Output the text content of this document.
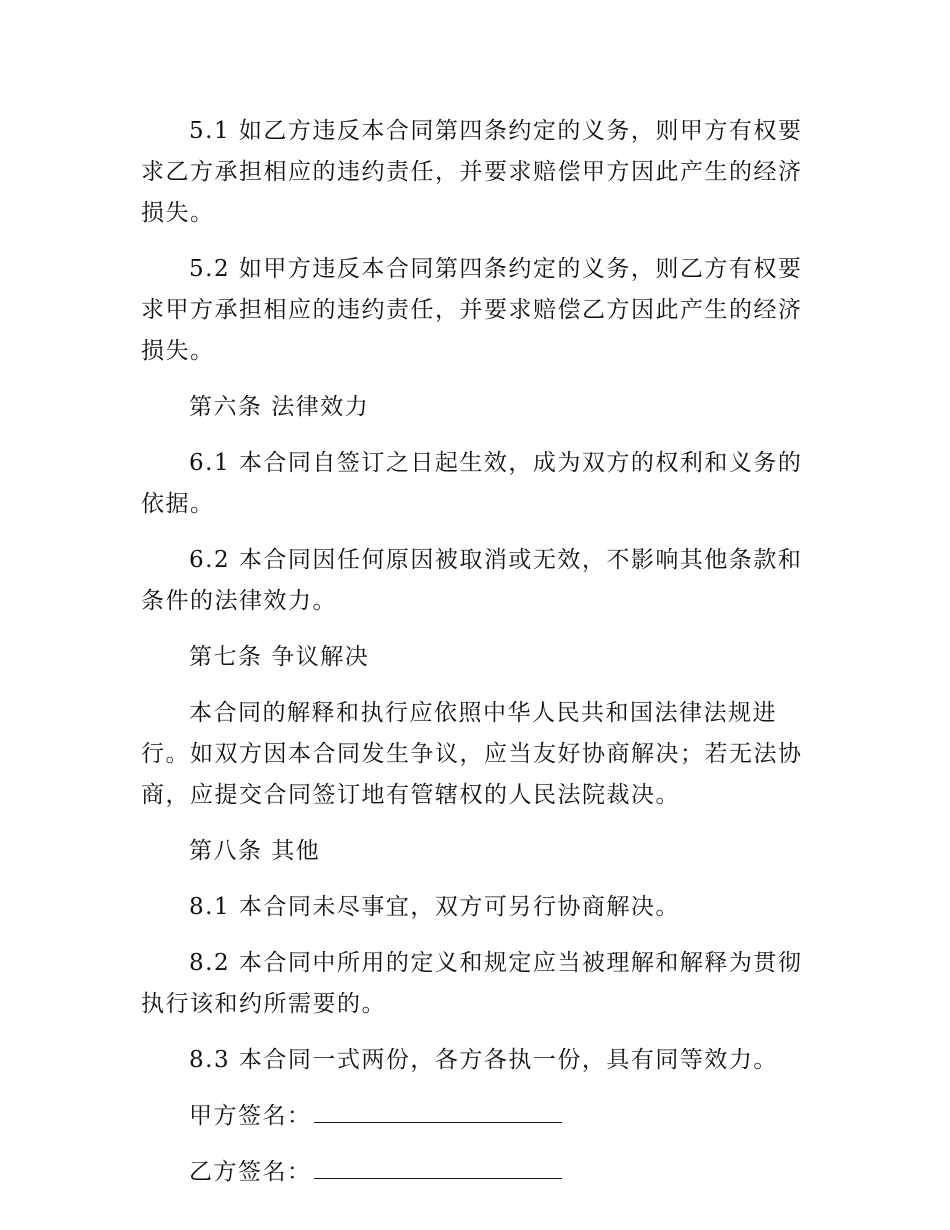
5.1 如乙方违反本合同第四条约定的义务，则甲方有权要求乙方承担相应的违约责任，并要求赔偿甲方因此产生的经济损失。

5.2 如甲方违反本合同第四条约定的义务，则乙方有权要求甲方承担相应的违约责任，并要求赔偿乙方因此产生的经济损失。

第六条 法律效力

6.1 本合同自签订之日起生效，成为双方的权利和义务的依据。

6.2 本合同因任何原因被取消或无效，不影响其他条款和条件的法律效力。

第七条 争议解决

本合同的解释和执行应依照中华人民共和国法律法规进行。如双方因本合同发生争议，应当友好协商解决；若无法协商，应提交合同签订地有管辖权的人民法院裁决。

第八条 其他

8.1 本合同未尽事宜，双方可另行协商解决。

8.2 本合同中所用的定义和规定应当被理解和解释为贯彻执行该和约所需要的。

8.3 本合同一式两份，各方各执一份，具有同等效力。

甲方签名：

乙方签名：
